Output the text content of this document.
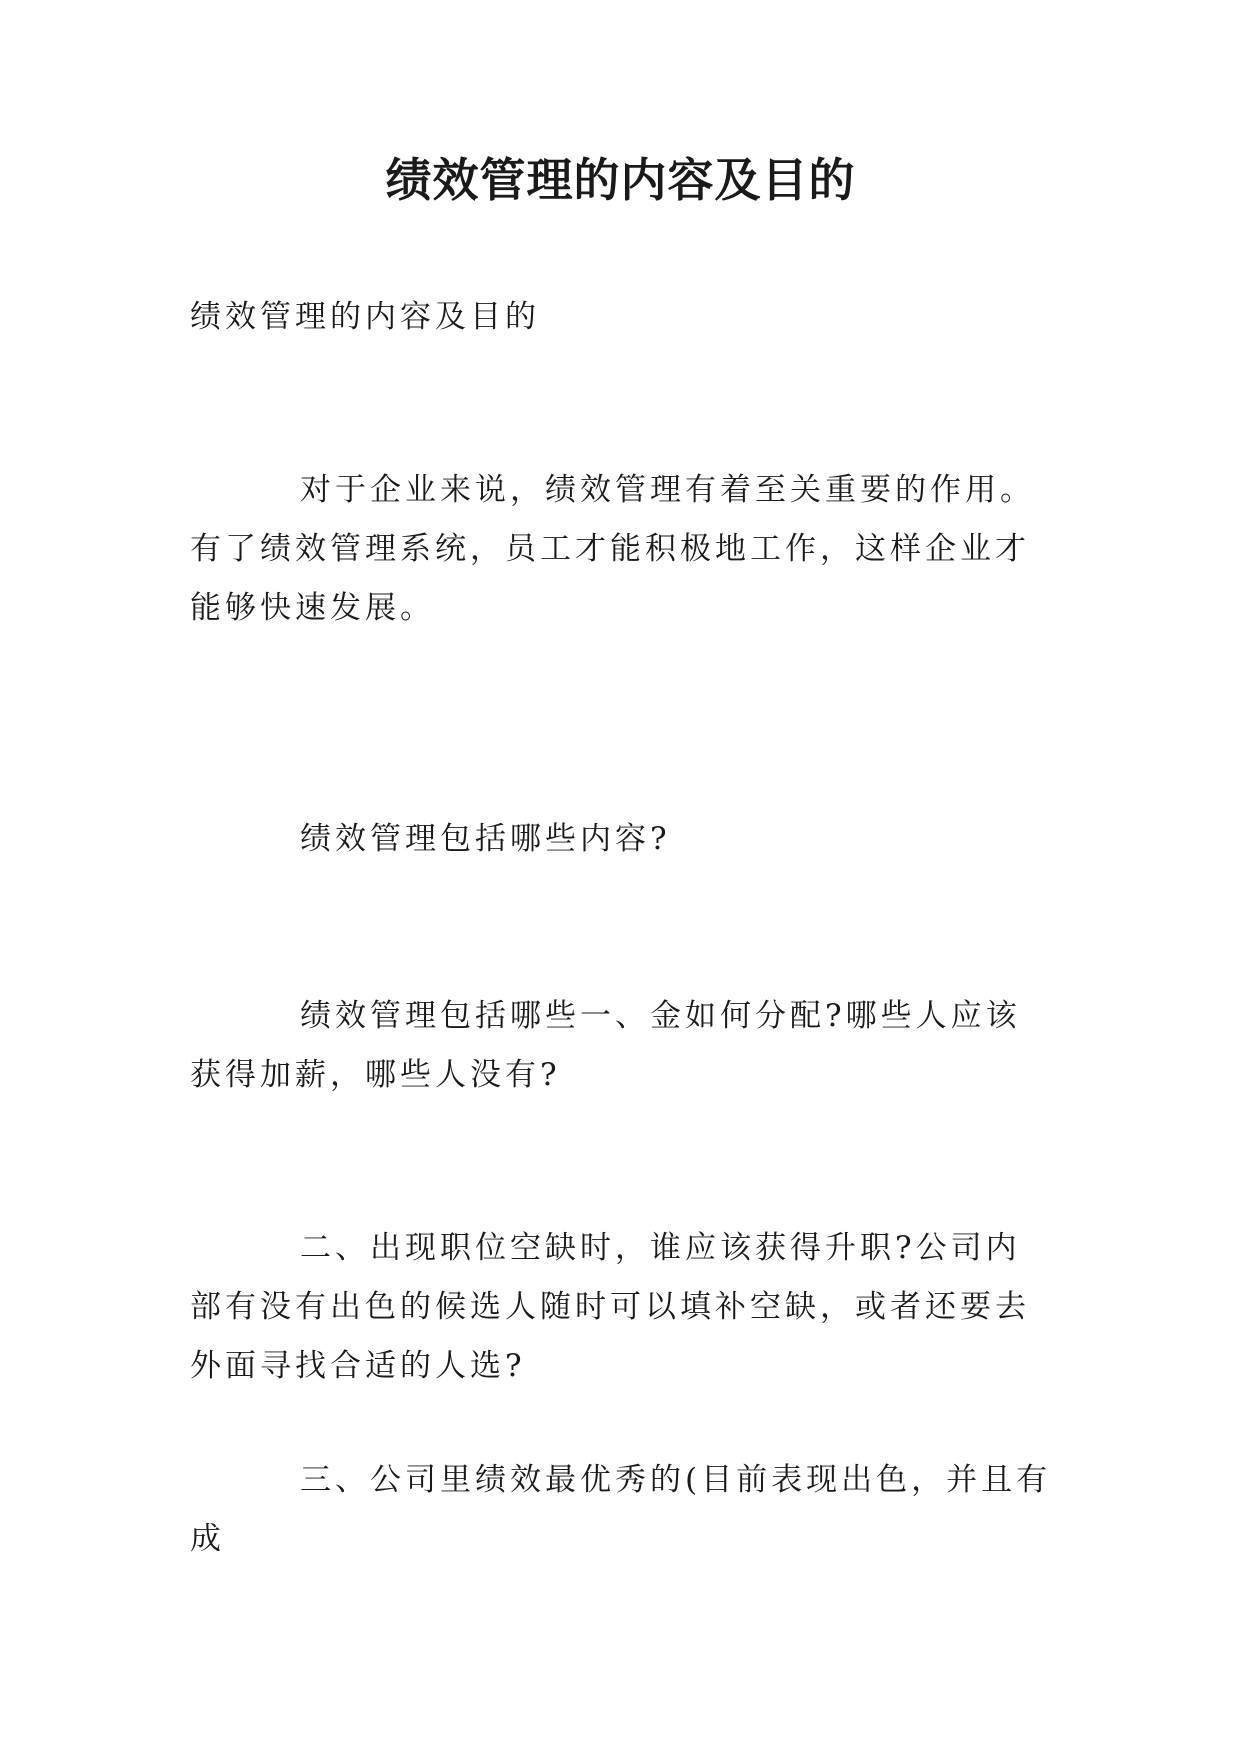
绩效管理的内容及目的

绩效管理的内容及目的

对于企业来说，绩效管理有着至关重要的作用。有了绩效管理系统，员工才能积极地工作，这样企业才能够快速发展。

绩效管理包括哪些内容?

绩效管理包括哪些一、金如何分配?哪些人应该获得加薪，哪些人没有?

二、出现职位空缺时，谁应该获得升职?公司内部有没有出色的候选人随时可以填补空缺，或者还要去外面寻找合适的人选?

三、公司里绩效最优秀的(目前表现出色，并且有成
